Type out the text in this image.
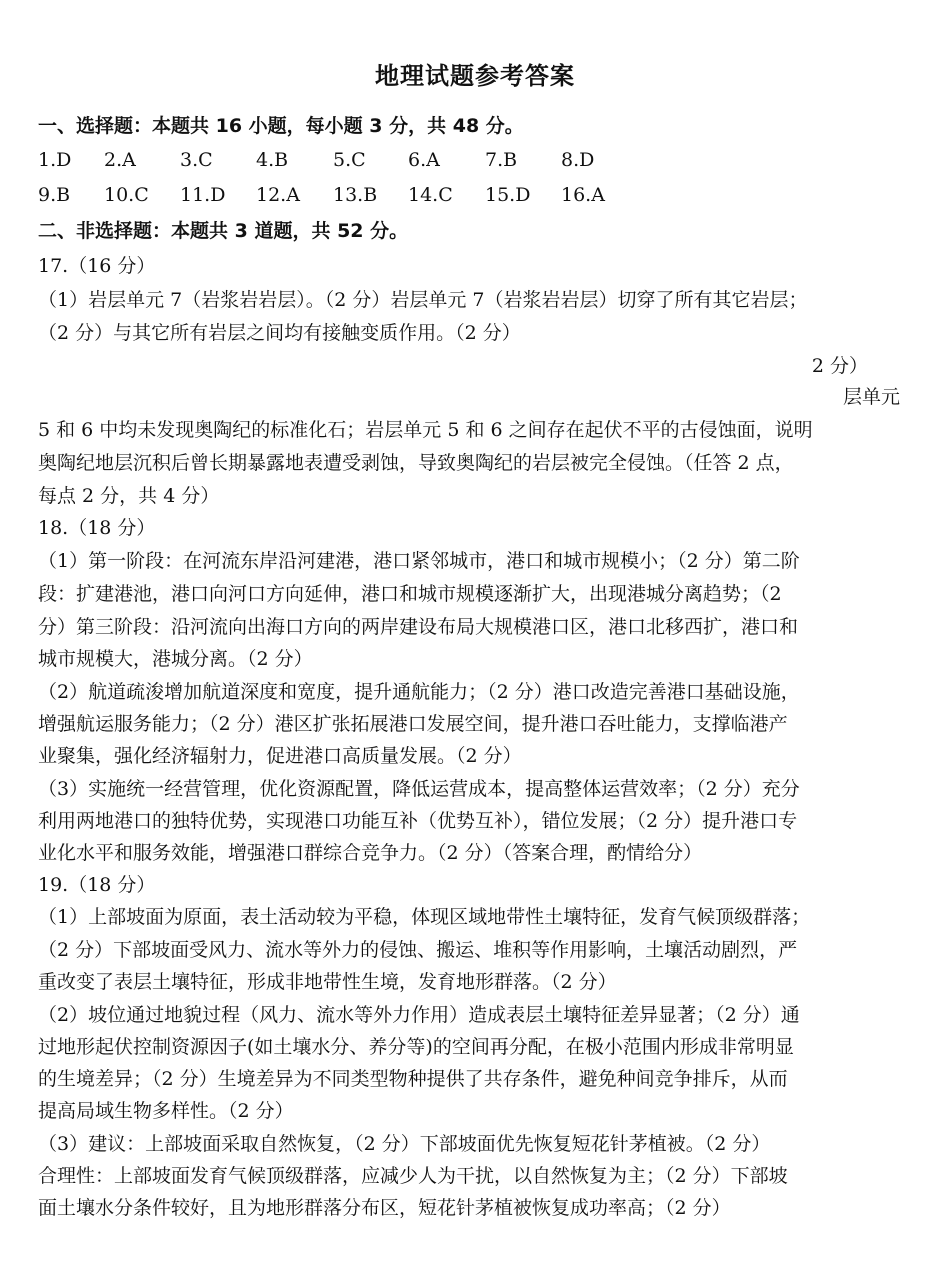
地理试题参考答案
一、选择题：本题共 16 小题，每小题 3 分，共 48 分。
1.D 2.A 3.C 4.B 5.C 6.A 7.B 8.D
9.B 10.C 11.D 12.A 13.B 14.C 15.D 16.A
二、非选择题：本题共 3 道题，共 52 分。
17.（16 分）
（1）岩层单元 7（岩浆岩岩层）。（2 分）岩层单元 7（岩浆岩岩层）切穿了所有其它岩层；
（2 分）与其它所有岩层之间均有接触变质作用。（2 分）
2 分）
层单元
5 和 6 中均未发现奥陶纪的标准化石；岩层单元 5 和 6 之间存在起伏不平的古侵蚀面，说明
奥陶纪地层沉积后曾长期暴露地表遭受剥蚀，导致奥陶纪的岩层被完全侵蚀。（任答 2 点，
每点 2 分，共 4 分）
18.（18 分）
（1）第一阶段：在河流东岸沿河建港，港口紧邻城市，港口和城市规模小；（2 分）第二阶
段：扩建港池，港口向河口方向延伸，港口和城市规模逐渐扩大，出现港城分离趋势；（2
分）第三阶段：沿河流向出海口方向的两岸建设布局大规模港口区，港口北移西扩，港口和
城市规模大，港城分离。（2 分）
（2）航道疏浚增加航道深度和宽度，提升通航能力；（2 分）港口改造完善港口基础设施，
增强航运服务能力；（2 分）港区扩张拓展港口发展空间，提升港口吞吐能力，支撑临港产
业聚集，强化经济辐射力，促进港口高质量发展。（2 分）
（3）实施统一经营管理，优化资源配置，降低运营成本，提高整体运营效率；（2 分）充分
利用两地港口的独特优势，实现港口功能互补（优势互补），错位发展；（2 分）提升港口专
业化水平和服务效能，增强港口群综合竞争力。（2 分）（答案合理，酌情给分）
19.（18 分）
（1）上部坡面为原面，表土活动较为平稳，体现区域地带性土壤特征，发育气候顶级群落；
（2 分）下部坡面受风力、流水等外力的侵蚀、搬运、堆积等作用影响，土壤活动剧烈，严
重改变了表层土壤特征，形成非地带性生境，发育地形群落。（2 分）
（2）坡位通过地貌过程（风力、流水等外力作用）造成表层土壤特征差异显著；（2 分）通
过地形起伏控制资源因子(如土壤水分、养分等)的空间再分配，在极小范围内形成非常明显
的生境差异；（2 分）生境差异为不同类型物种提供了共存条件，避免种间竞争排斥，从而
提高局域生物多样性。（2 分）
（3）建议：上部坡面采取自然恢复，（2 分）下部坡面优先恢复短花针茅植被。（2 分）
合理性：上部坡面发育气候顶级群落，应减少人为干扰，以自然恢复为主；（2 分）下部坡
面土壤水分条件较好，且为地形群落分布区，短花针茅植被恢复成功率高；（2 分）
